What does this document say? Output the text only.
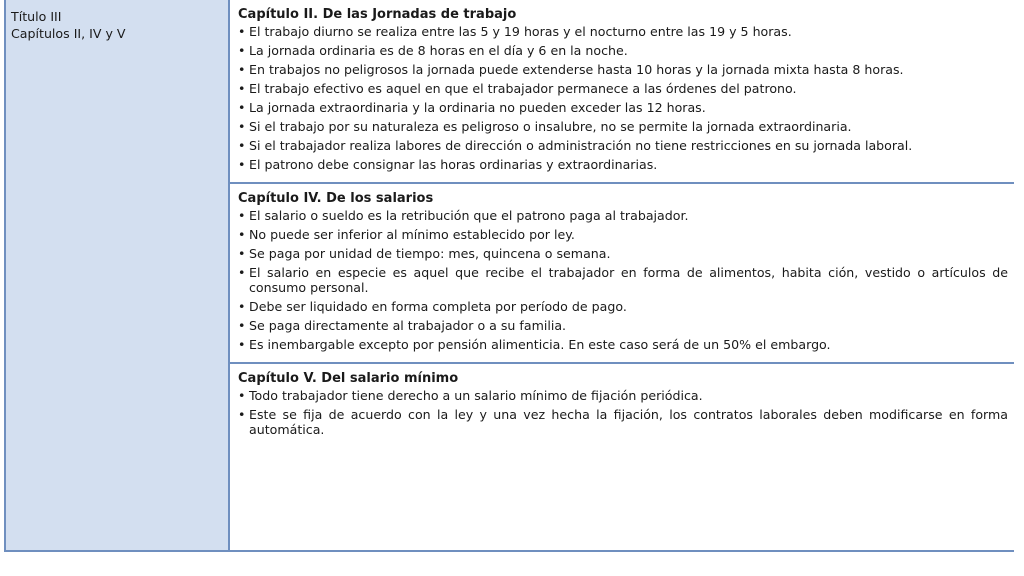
Título III
Capítulos II, IV y V
Capítulo II. De las Jornadas de trabajo
• El trabajo diurno se realiza entre las 5 y 19 horas y el nocturno entre las 19 y 5 horas.
• La jornada ordinaria es de 8 horas en el día y 6 en la noche.
• En trabajos no peligrosos la jornada puede extenderse hasta 10 horas y la jornada mixta hasta 8 horas.
• El trabajo efectivo es aquel en que el trabajador permanece a las órdenes del patrono.
• La jornada extraordinaria y la ordinaria no pueden exceder las 12 horas.
• Si el trabajo por su naturaleza es peligroso o insalubre, no se permite la jornada extraordinaria.
• Si el trabajador realiza labores de dirección o administración no tiene restricciones en su jornada laboral.
• El patrono debe consignar las horas ordinarias y extraordinarias.
Capítulo IV. De los salarios
• El salario o sueldo es la retribución que el patrono paga al trabajador.
• No puede ser inferior al mínimo establecido por ley.
• Se paga por unidad de tiempo: mes, quincena o semana.
• El salario en especie es aquel que recibe el trabajador en forma de alimentos, habita ción, vestido o artículos de consumo personal.
• Debe ser liquidado en forma completa por período de pago.
• Se paga directamente al trabajador o a su familia.
• Es inembargable excepto por pensión alimenticia. En este caso será de un 50% el embargo.
Capítulo V. Del salario mínimo
• Todo trabajador tiene derecho a un salario mínimo de fijación periódica.
• Este se fija de acuerdo con la ley y una vez hecha la fijación, los contratos laborales deben modificarse en forma automática.
